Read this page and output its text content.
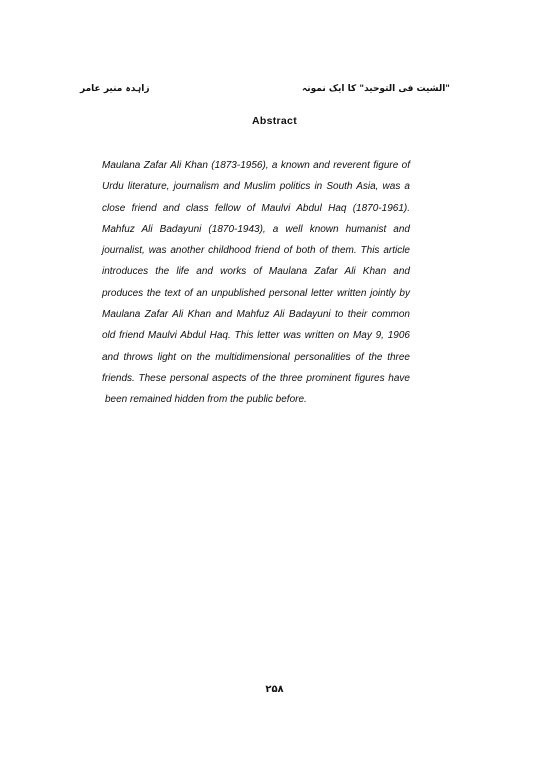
زاہدہ منیر عامر	"الشیت فی التوحید" کا ایک نمونہ
Abstract
Maulana Zafar Ali Khan (1873-1956), a known and reverent figure of
Urdu literature, journalism and Muslim politics in South Asia, was a
close friend and class fellow of Maulvi Abdul Haq (1870-1961).
Mahfuz Ali Badayuni (1870-1943), a well known humanist and
journalist, was another childhood friend of both of them. This article
introduces the life and works of Maulana Zafar Ali Khan and
produces the text of an unpublished personal letter written jointly by
Maulana Zafar Ali Khan and Mahfuz Ali Badayuni to their common
old friend Maulvi Abdul Haq. This letter was written on May 9, 1906
and throws light on the multidimensional personalities of the three
friends. These personal aspects of the three prominent figures have
been remained hidden from the public before.
۲۵۸
